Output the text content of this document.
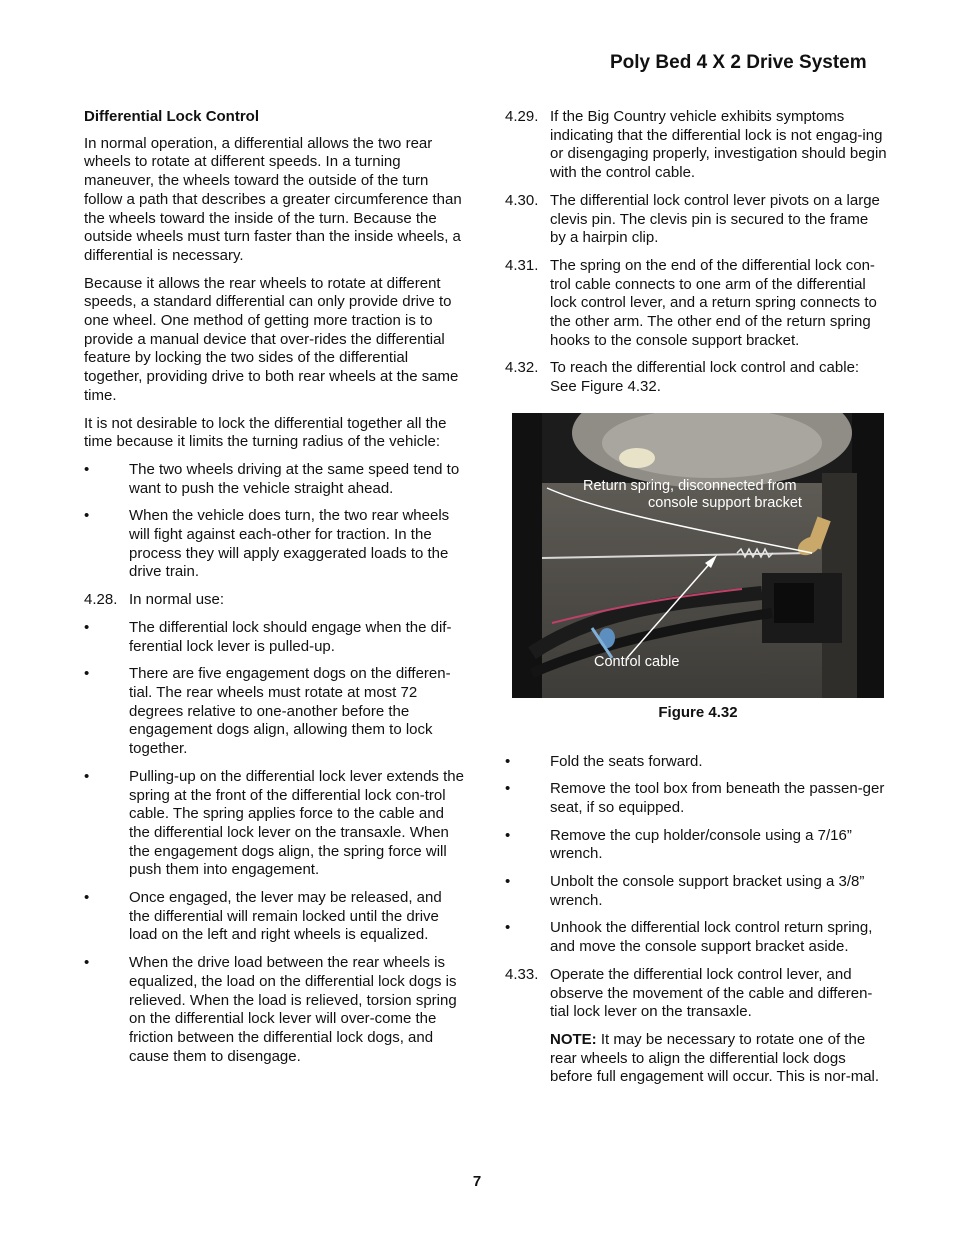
Poly Bed 4 X 2 Drive System
Differential Lock Control

In normal operation, a differential allows the two rear wheels to rotate at different speeds. In a turning maneuver, the wheels toward the outside of the turn follow a path that describes a greater circumference than the wheels toward the inside of the turn. Because the outside wheels must turn faster than the inside wheels, a differential is necessary.

Because it allows the rear wheels to rotate at different speeds, a standard differential can only provide drive to one wheel. One method of getting more traction is to provide a manual device that over-rides the differential feature by locking the two sides of the differential together, providing drive to both rear wheels at the same time.

It is not desirable to lock the differential together all the time because it limits the turning radius of the vehicle:

•	The two wheels driving at the same speed tend to want to push the vehicle straight ahead.
•	When the vehicle does turn, the two rear wheels will fight against each-other for traction. In the process they will apply exaggerated loads to the drive train.
4.28. In normal use:
•	The differential lock should engage when the dif-ferential lock lever is pulled-up.
•	There are five engagement dogs on the differen-tial. The rear wheels must rotate at most 72 degrees relative to one-another before the engagement dogs align, allowing them to lock together.
•	Pulling-up on the differential lock lever extends the spring at the front of the differential lock con-trol cable. The spring applies force to the cable and the differential lock lever on the transaxle. When the engagement dogs align, the spring force will push them into engagement.
•	Once engaged, the lever may be released, and the differential will remain locked until the drive load on the left and right wheels is equalized.
•	When the drive load between the rear wheels is equalized, the load on the differential lock dogs is relieved. When the load is relieved, torsion spring on the differential lock lever will over-come the friction between the differential lock dogs, and cause them to disengage.
4.29. If the Big Country vehicle exhibits symptoms indicating that the differential lock is not engag-ing or disengaging properly, investigation should begin with the control cable.
4.30. The differential lock control lever pivots on a large clevis pin. The clevis pin is secured to the frame by a hairpin clip.
4.31. The spring on the end of the differential lock con-trol cable connects to one arm of the differential lock control lever, and a return spring connects to the other arm. The other end of the return spring hooks to the console support bracket.
4.32. To reach the differential lock control and cable: See Figure 4.32.
Return spring, disconnected from
console support bracket
Control cable
Figure 4.32
•	Fold the seats forward.
•	Remove the tool box from beneath the passen-ger seat, if so equipped.
•	Remove the cup holder/console using a 7/16” wrench.
•	Unbolt the console support bracket using a 3/8” wrench.
•	Unhook the differential lock control return spring, and move the console support bracket aside.
4.33. Operate the differential lock control lever, and observe the movement of the cable and differen-tial lock lever on the transaxle.

NOTE: It may be necessary to rotate one of the rear wheels to align the differential lock dogs before full engagement will occur. This is nor-mal.

7
